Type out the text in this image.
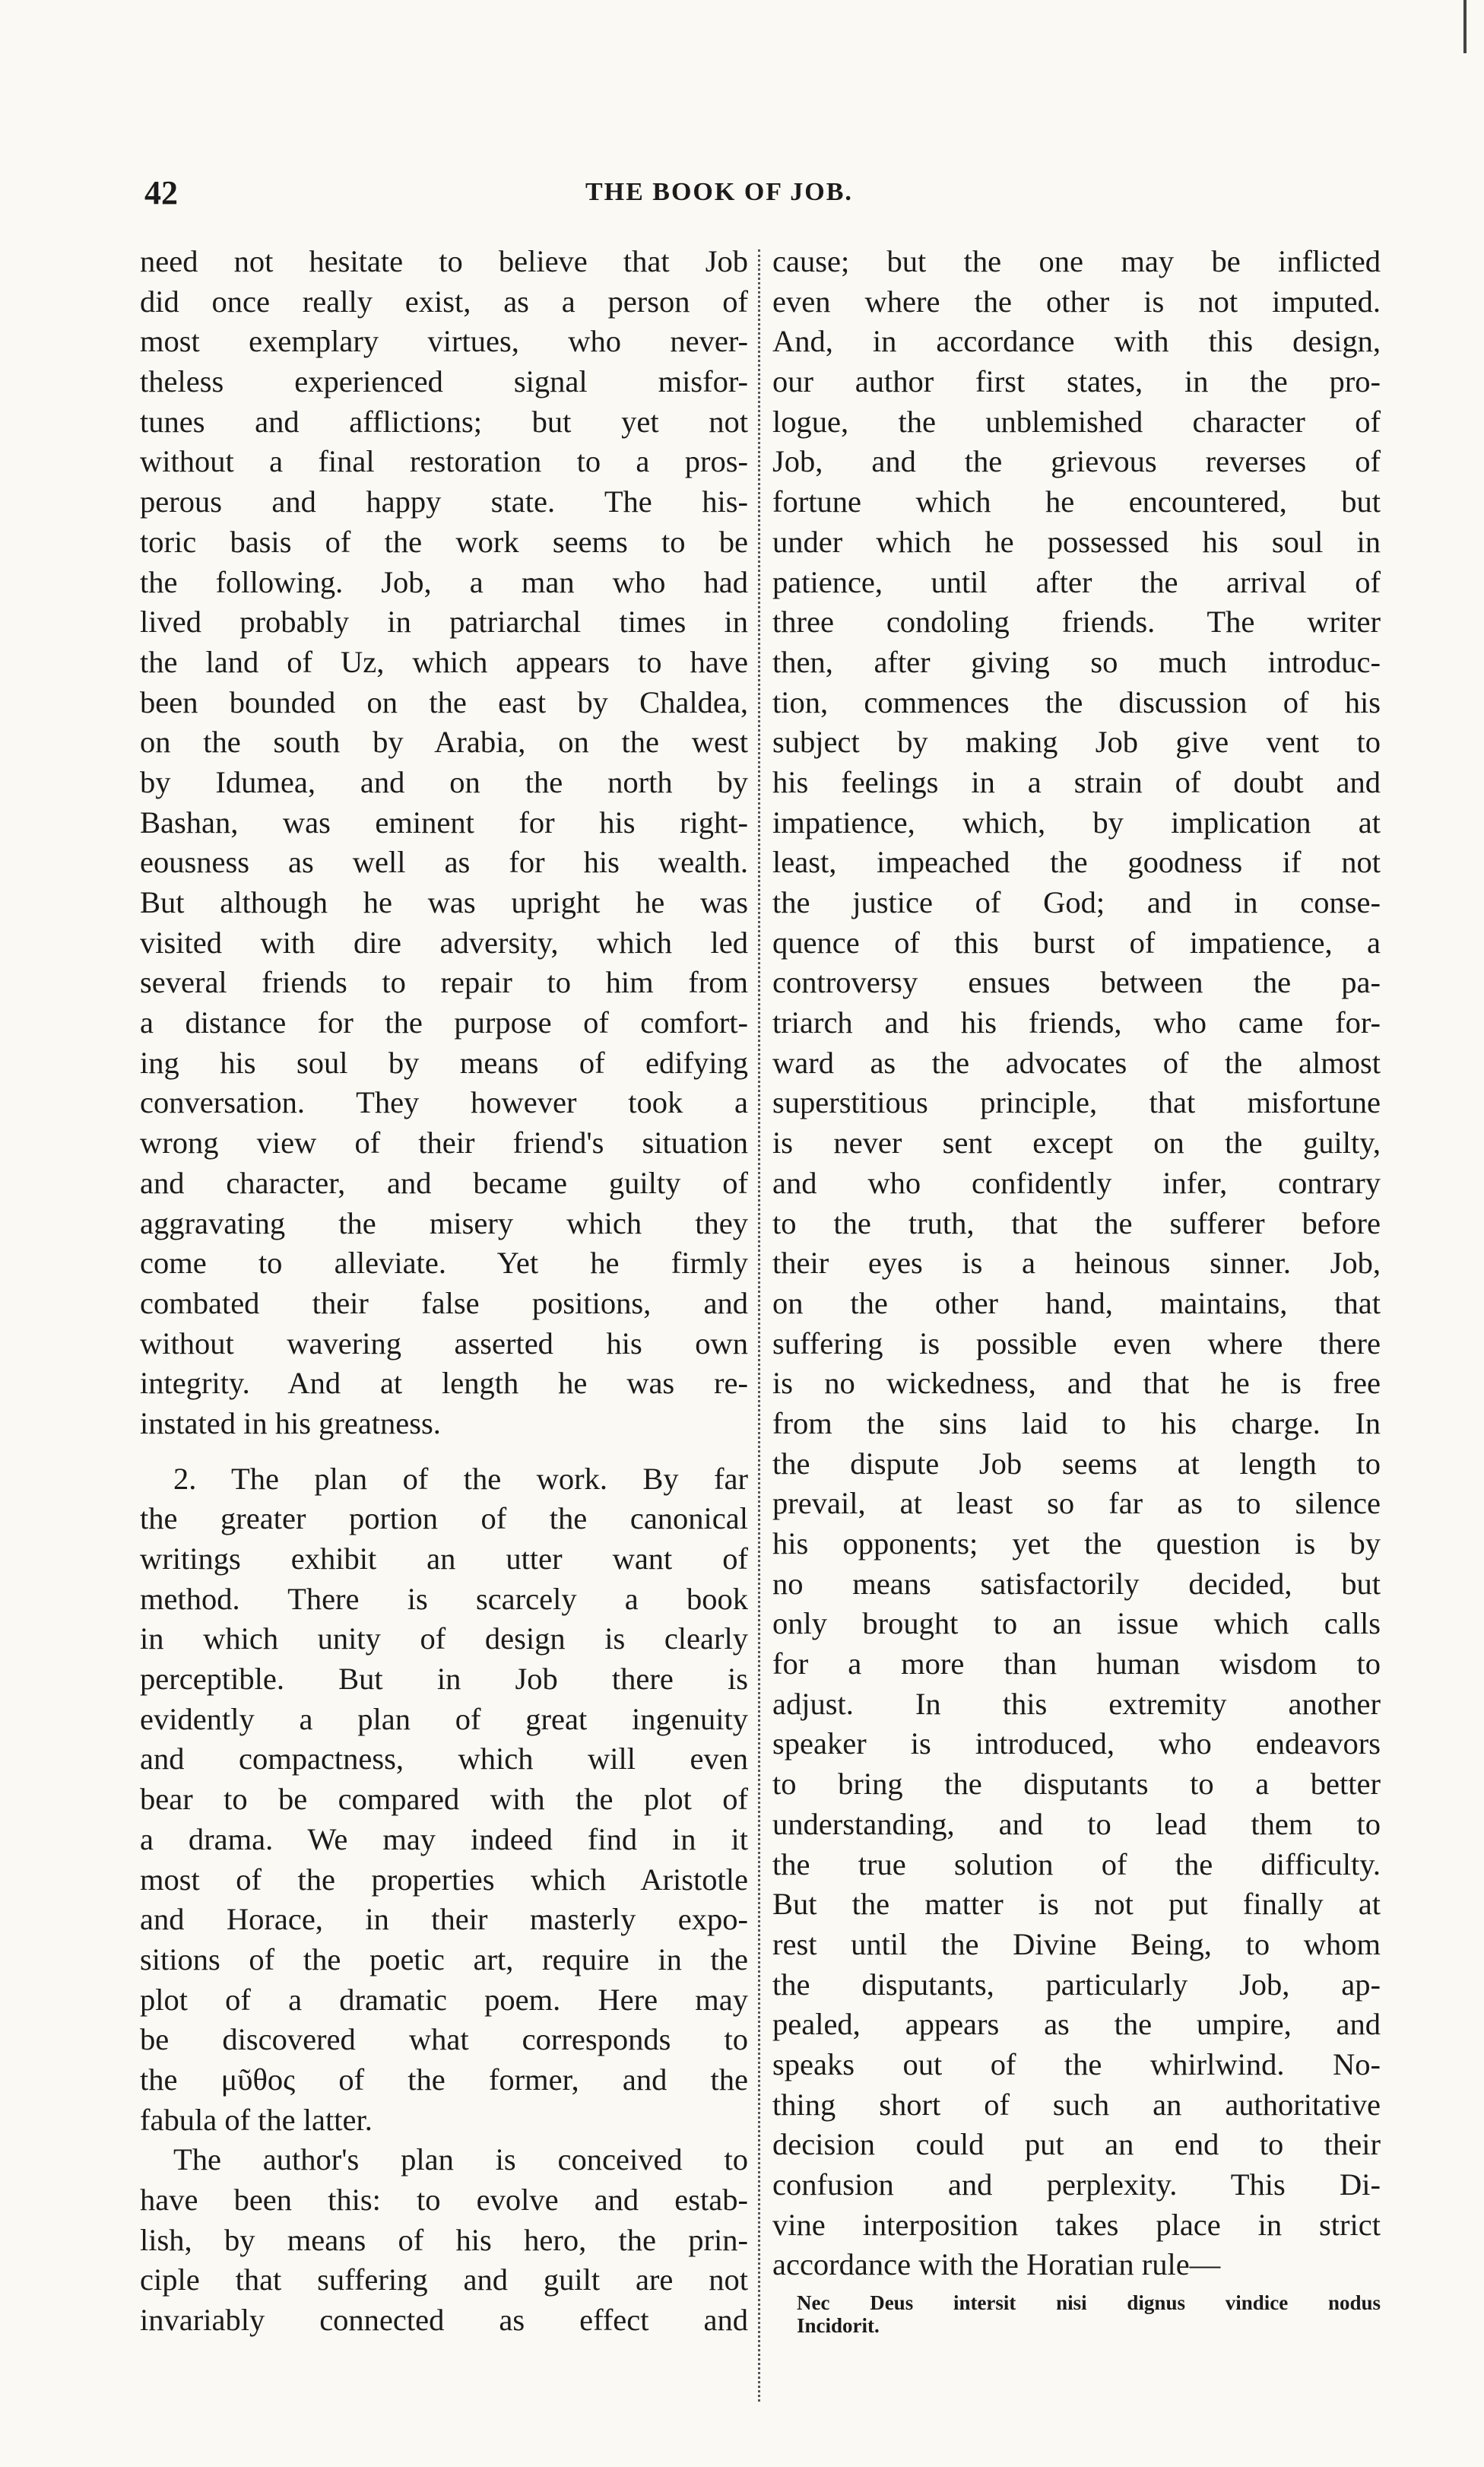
42	THE BOOK OF JOB.
need not hesitate to believe that Job
did once really exist, as a person of
most exemplary virtues, who never-
theless experienced signal misfor-
tunes and afflictions; but yet not
without a final restoration to a pros-
perous and happy state. The his-
toric basis of the work seems to be
the following. Job, a man who had
lived probably in patriarchal times in
the land of Uz, which appears to have
been bounded on the east by Chaldea,
on the south by Arabia, on the west
by Idumea, and on the north by
Bashan, was eminent for his right-
eousness as well as for his wealth.
But although he was upright he was
visited with dire adversity, which led
several friends to repair to him from
a distance for the purpose of comfort-
ing his soul by means of edifying
conversation. They however took a
wrong view of their friend's situation
and character, and became guilty of
aggravating the misery which they
come to alleviate. Yet he firmly
combated their false positions, and
without wavering asserted his own
integrity. And at length he was re-
instated in his greatness.
2. The plan of the work. By far
the greater portion of the canonical
writings exhibit an utter want of
method. There is scarcely a book
in which unity of design is clearly
perceptible. But in Job there is
evidently a plan of great ingenuity
and compactness, which will even
bear to be compared with the plot of
a drama. We may indeed find in it
most of the properties which Aristotle
and Horace, in their masterly expo-
sitions of the poetic art, require in the
plot of a dramatic poem. Here may
be discovered what corresponds to
the μῦθος of the former, and the
fabula of the latter.
The author's plan is conceived to
have been this: to evolve and estab-
lish, by means of his hero, the prin-
ciple that suffering and guilt are not
invariably connected as effect and
cause; but the one may be inflicted
even where the other is not imputed.
And, in accordance with this design,
our author first states, in the pro-
logue, the unblemished character of
Job, and the grievous reverses of
fortune which he encountered, but
under which he possessed his soul in
patience, until after the arrival of
three condoling friends. The writer
then, after giving so much introduc-
tion, commences the discussion of his
subject by making Job give vent to
his feelings in a strain of doubt and
impatience, which, by implication at
least, impeached the goodness if not
the justice of God; and in conse-
quence of this burst of impatience, a
controversy ensues between the pa-
triarch and his friends, who came for-
ward as the advocates of the almost
superstitious principle, that misfortune
is never sent except on the guilty,
and who confidently infer, contrary
to the truth, that the sufferer before
their eyes is a heinous sinner. Job,
on the other hand, maintains, that
suffering is possible even where there
is no wickedness, and that he is free
from the sins laid to his charge. In
the dispute Job seems at length to
prevail, at least so far as to silence
his opponents; yet the question is by
no means satisfactorily decided, but
only brought to an issue which calls
for a more than human wisdom to
adjust. In this extremity another
speaker is introduced, who endeavors
to bring the disputants to a better
understanding, and to lead them to
the true solution of the difficulty.
But the matter is not put finally at
rest until the Divine Being, to whom
the disputants, particularly Job, ap-
pealed, appears as the umpire, and
speaks out of the whirlwind. No-
thing short of such an authoritative
decision could put an end to their
confusion and perplexity. This Di-
vine interposition takes place in strict
accordance with the Horatian rule—
Nec Deus intersit nisi dignus vindice nodus
Incidorit.
